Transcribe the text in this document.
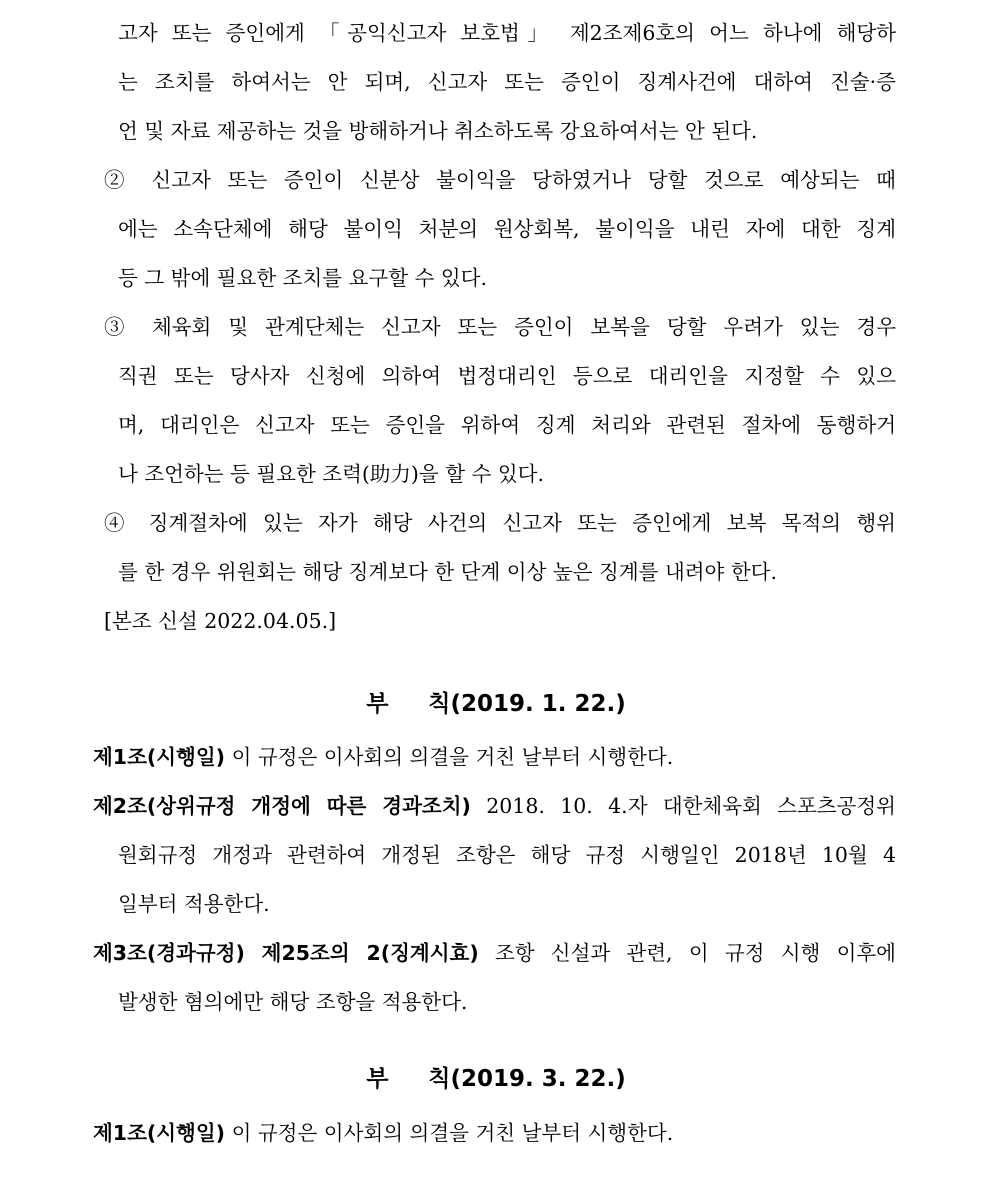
고자 또는 증인에게 「공익신고자 보호법」 제2조제6호의 어느 하나에 해당하

는 조치를 하여서는 안 되며, 신고자 또는 증인이 징계사건에 대하여 진술·증

언 및 자료 제공하는 것을 방해하거나 취소하도록 강요하여서는 안 된다.

② 신고자 또는 증인이 신분상 불이익을 당하였거나 당할 것으로 예상되는 때

에는 소속단체에 해당 불이익 처분의 원상회복, 불이익을 내린 자에 대한 징계

등 그 밖에 필요한 조치를 요구할 수 있다.

③ 체육회 및 관계단체는 신고자 또는 증인이 보복을 당할 우려가 있는 경우

직권 또는 당사자 신청에 의하여 법정대리인 등으로 대리인을 지정할 수 있으

며, 대리인은 신고자 또는 증인을 위하여 징계 처리와 관련된 절차에 동행하거

나 조언하는 등 필요한 조력(助力)을 할 수 있다.

④ 징계절차에 있는 자가 해당 사건의 신고자 또는 증인에게 보복 목적의 행위

를 한 경우 위원회는 해당 징계보다 한 단계 이상 높은 징계를 내려야 한다.

[본조 신설 2022.04.05.]

부 칙(2019. 1. 22.)

제1조(시행일) 이 규정은 이사회의 의결을 거친 날부터 시행한다.

제2조(상위규정 개정에 따른 경과조치) 2018. 10. 4.자 대한체육회 스포츠공정위

원회규정 개정과 관련하여 개정된 조항은 해당 규정 시행일인 2018년 10월 4

일부터 적용한다.

제3조(경과규정) 제25조의 2(징계시효) 조항 신설과 관련, 이 규정 시행 이후에

발생한 혐의에만 해당 조항을 적용한다.

부 칙(2019. 3. 22.)

제1조(시행일) 이 규정은 이사회의 의결을 거친 날부터 시행한다.
